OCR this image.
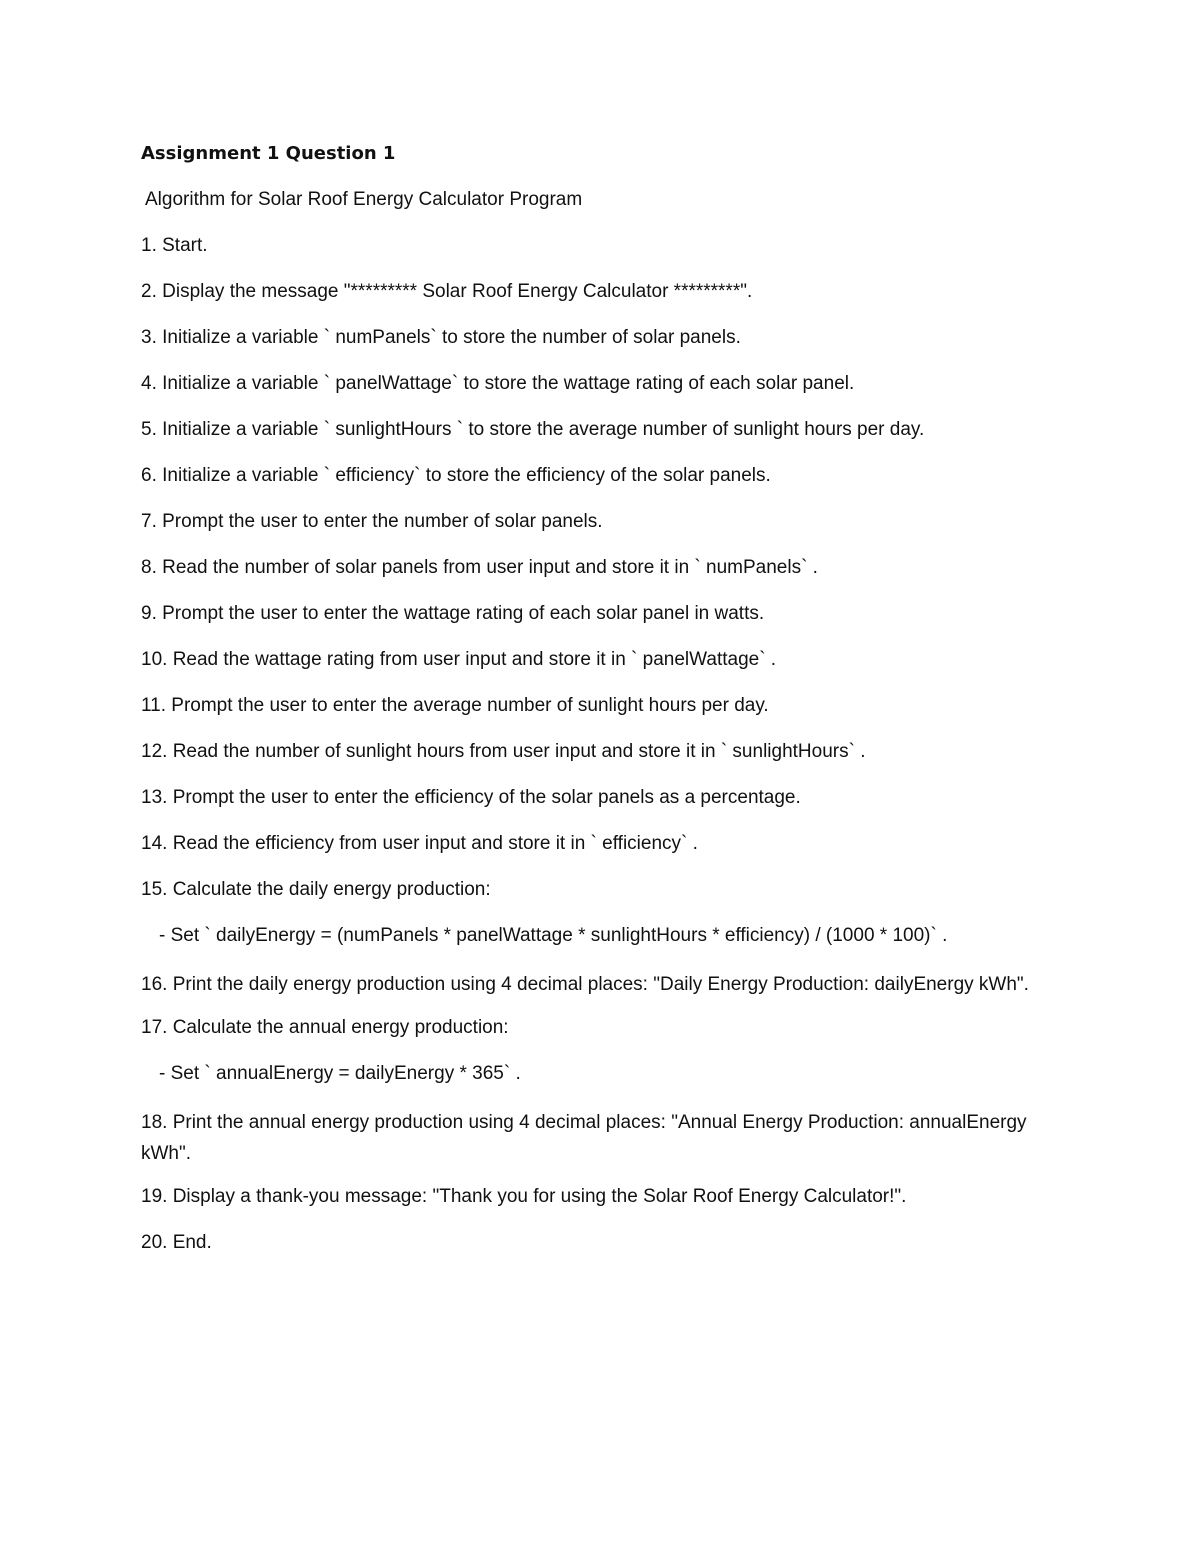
Assignment 1 Question 1
Algorithm for Solar Roof Energy Calculator Program
1. Start.
2. Display the message "********* Solar Roof Energy Calculator *********".
3. Initialize a variable ` numPanels` to store the number of solar panels.
4. Initialize a variable ` panelWattage` to store the wattage rating of each solar panel.
5. Initialize a variable ` sunlightHours ` to store the average number of sunlight hours per day.
6. Initialize a variable ` efficiency` to store the efficiency of the solar panels.
7. Prompt the user to enter the number of solar panels.
8. Read the number of solar panels from user input and store it in ` numPanels` .
9. Prompt the user to enter the wattage rating of each solar panel in watts.
10. Read the wattage rating from user input and store it in ` panelWattage` .
11. Prompt the user to enter the average number of sunlight hours per day.
12. Read the number of sunlight hours from user input and store it in ` sunlightHours` .
13. Prompt the user to enter the efficiency of the solar panels as a percentage.
14. Read the efficiency from user input and store it in ` efficiency` .
15. Calculate the daily energy production:
- Set ` dailyEnergy = (numPanels * panelWattage * sunlightHours * efficiency) / (1000 * 100)` .
16. Print the daily energy production using 4 decimal places: "Daily Energy Production: dailyEnergy kWh".
17. Calculate the annual energy production:
- Set ` annualEnergy = dailyEnergy * 365` .
18. Print the annual energy production using 4 decimal places: "Annual Energy Production: annualEnergy kWh".
19. Display a thank-you message: "Thank you for using the Solar Roof Energy Calculator!".
20. End.
